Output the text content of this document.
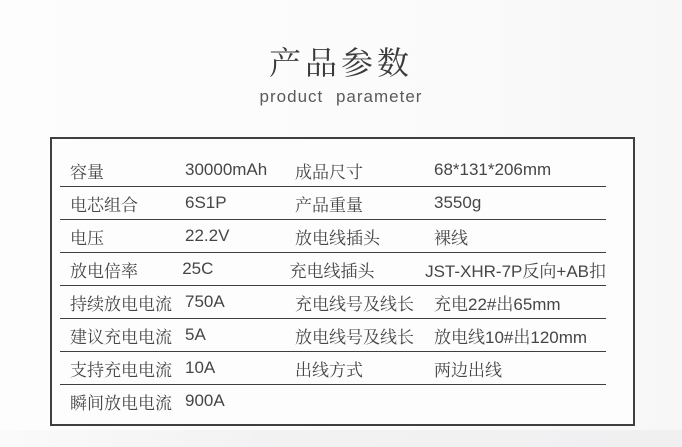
产品参数

product parameter

容量	30000mAh	成品尺寸	68*131*206mm
电芯组合	6S1P	产品重量	3550g
电压	22.2V	放电线插头	裸线
放电倍率	25C	充电线插头	JST-XHR-7P反向+AB扣
持续放电电流 750A	充电线号及线长	充电22#出65mm
建议充电电流 5A	放电线号及线长	放电线10#出120mm
支持充电电流 10A	出线方式	两边出线
瞬间放电电流 900A
